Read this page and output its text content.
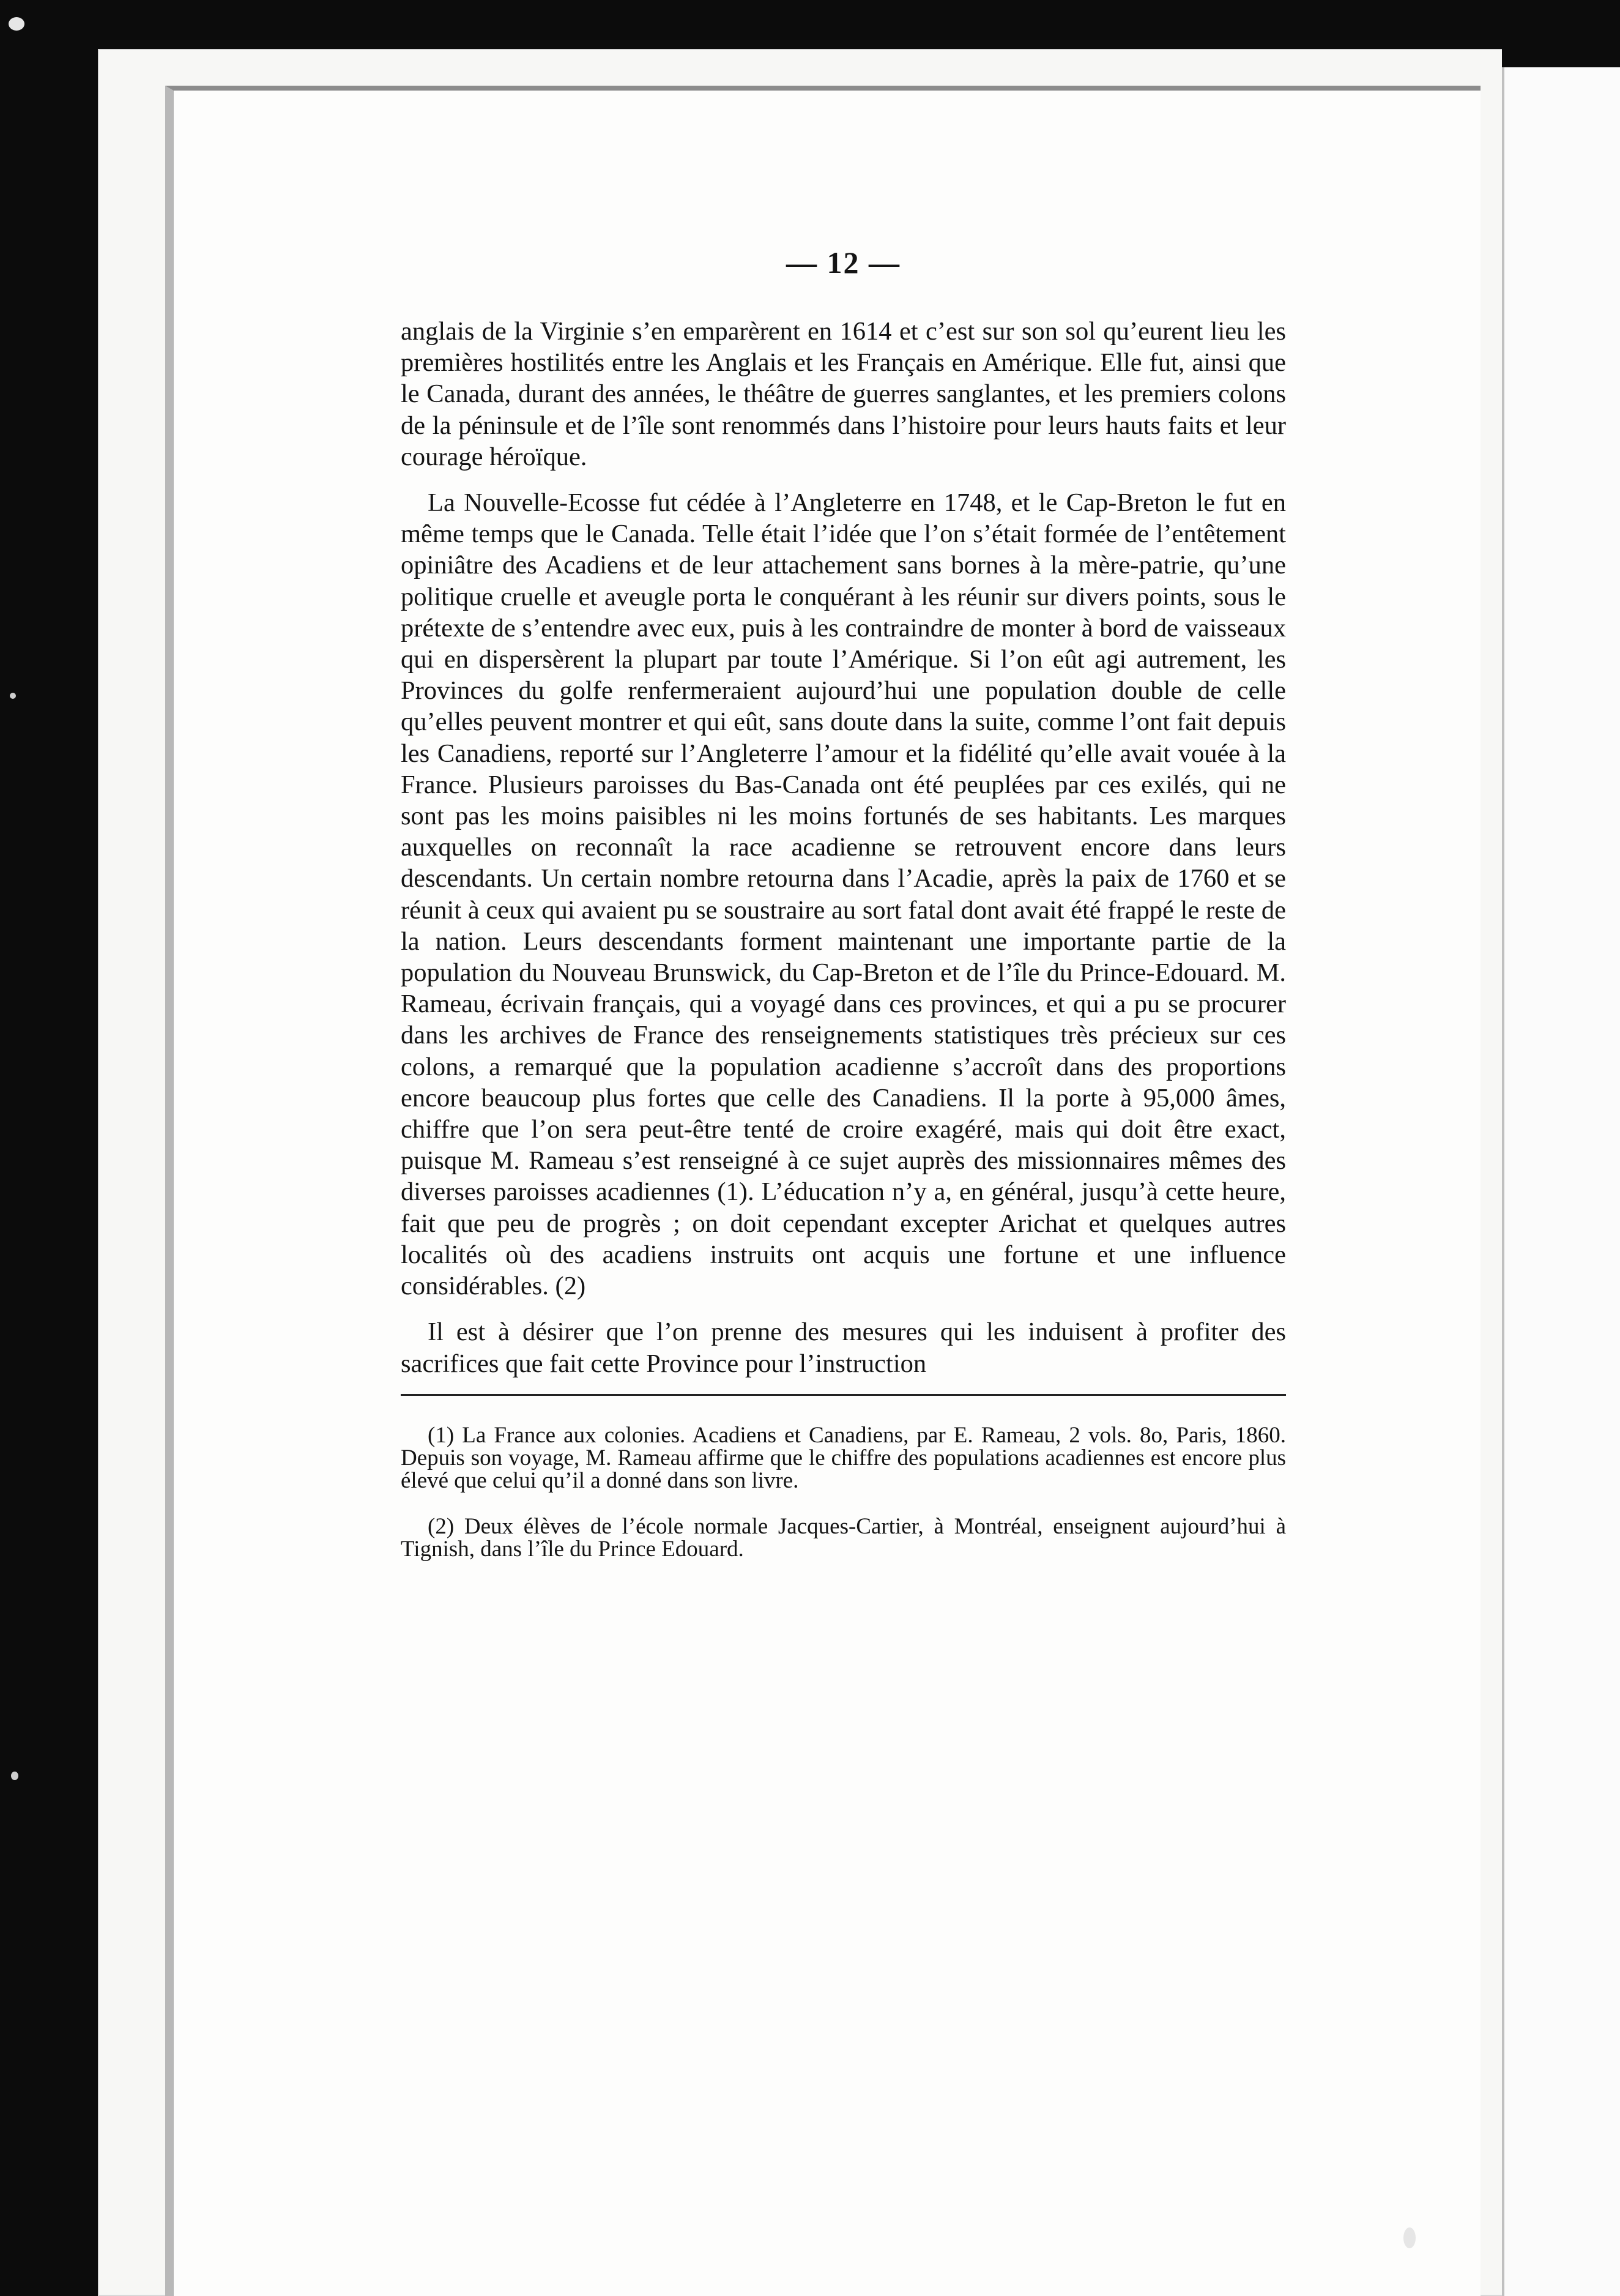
— 12 —

anglais de la Virginie s’en emparèrent en 1614 et c’est sur son sol qu’eurent lieu les premières hostilités entre les Anglais et les Français en Amérique. Elle fut, ainsi que le Canada, durant des années, le théâtre de guerres sanglantes, et les premiers colons de la péninsule et de l’île sont renommés dans l’histoire pour leurs hauts faits et leur courage héroïque.

La Nouvelle-Ecosse fut cédée à l’Angleterre en 1748, et le Cap-Breton le fut en même temps que le Canada. Telle était l’idée que l’on s’était formée de l’entêtement opiniâtre des Acadiens et de leur attachement sans bornes à la mère-patrie, qu’une politique cruelle et aveugle porta le conquérant à les réunir sur divers points, sous le prétexte de s’entendre avec eux, puis à les contraindre de monter à bord de vaisseaux qui en dispersèrent la plupart par toute l’Amérique. Si l’on eût agi autrement, les Provinces du golfe renfermeraient aujourd’hui une population double de celle qu’elles peuvent montrer et qui eût, sans doute dans la suite, comme l’ont fait depuis les Canadiens, reporté sur l’Angleterre l’amour et la fidélité qu’elle avait vouée à la France. Plusieurs paroisses du Bas-Canada ont été peuplées par ces exilés, qui ne sont pas les moins paisibles ni les moins fortunés de ses habitants. Les marques auxquelles on reconnaît la race acadienne se retrouvent encore dans leurs descendants. Un certain nombre retourna dans l’Acadie, après la paix de 1760 et se réunit à ceux qui avaient pu se soustraire au sort fatal dont avait été frappé le reste de la nation. Leurs descendants forment maintenant une importante partie de la population du Nouveau Brunswick, du Cap-Breton et de l’île du Prince-Edouard. M. Rameau, écrivain français, qui a voyagé dans ces provinces, et qui a pu se procurer dans les archives de France des renseignements statistiques très précieux sur ces colons, a remarqué que la population acadienne s’accroît dans des proportions encore beaucoup plus fortes que celle des Canadiens. Il la porte à 95,000 âmes, chiffre que l’on sera peut-être tenté de croire exagéré, mais qui doit être exact, puisque M. Rameau s’est renseigné à ce sujet auprès des missionnaires mêmes des diverses paroisses acadiennes (1). L’éducation n’y a, en général, jusqu’à cette heure, fait que peu de progrès ; on doit cependant excepter Arichat et quelques autres localités où des acadiens instruits ont acquis une fortune et une influence considérables. (2)

Il est à désirer que l’on prenne des mesures qui les induisent à profiter des sacrifices que fait cette Province pour l’instruction

(1) La France aux colonies. Acadiens et Canadiens, par E. Rameau, 2 vols. 8o, Paris, 1860. Depuis son voyage, M. Rameau affirme que le chiffre des populations acadiennes est encore plus élevé que celui qu’il a donné dans son livre.

(2) Deux élèves de l’école normale Jacques-Cartier, à Montréal, enseignent aujourd’hui à Tignish, dans l’île du Prince Edouard.
